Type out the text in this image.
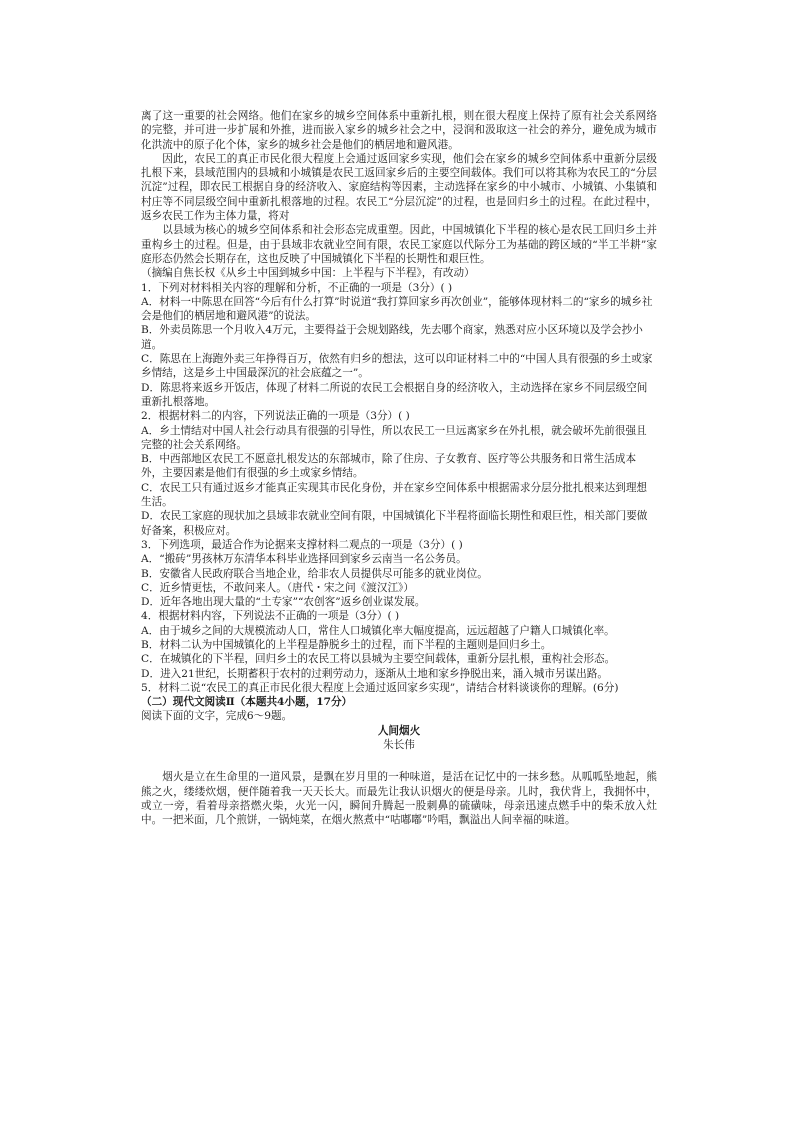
离了这一重要的社会网络。他们在家乡的城乡空间体系中重新扎根，则在很大程度上保持了原有社会关系网络的完整，并可进一步扩展和外推，进而嵌入家乡的城乡社会之中，浸润和汲取这一社会的养分，避免成为城市化洪流中的原子化个体，家乡的城乡社会是他们的栖居地和避风港。

因此，农民工的真正市民化很大程度上会通过返回家乡实现，他们会在家乡的城乡空间体系中重新分层级扎根下来，县域范围内的县城和小城镇是农民工返回家乡后的主要空间载体。我们可以将其称为农民工的“分层沉淀”过程，即农民工根据自身的经济收入、家庭结构等因素，主动选择在家乡的中小城市、小城镇、小集镇和村庄等不同层级空间中重新扎根落地的过程。农民工“分层沉淀”的过程，也是回归乡土的过程。在此过程中，返乡农民工作为主体力量，将对

以县域为核心的城乡空间体系和社会形态完成重塑。因此，中国城镇化下半程的核心是农民工回归乡土并重构乡土的过程。但是，由于县域非农就业空间有限，农民工家庭以代际分工为基础的跨区域的“半工半耕”家庭形态仍然会长期存在，这也反映了中国城镇化下半程的长期性和艰巨性。

（摘编自焦长权《从乡土中国到城乡中国：上半程与下半程》，有改动）

1．下列对材料相关内容的理解和分析，不正确的一项是（3分）( )

A．材料一中陈思在回答“今后有什么打算”时说道“我打算回家乡再次创业”，能够体现材料二的“家乡的城乡社会是他们的栖居地和避风港”的说法。

B．外卖员陈思一个月收入4万元，主要得益于会规划路线，先去哪个商家，熟悉对应小区环境以及学会抄小道。

C．陈思在上海跑外卖三年挣得百万，依然有归乡的想法，这可以印证材料二中的“中国人具有很强的乡土或家乡情结，这是乡土中国最深沉的社会底蕴之一”。

D．陈思将来返乡开饭店，体现了材料二所说的农民工会根据自身的经济收入，主动选择在家乡不同层级空间重新扎根落地。

2．根据材料二的内容，下列说法正确的一项是（3分）( )

A．乡土情结对中国人社会行动具有很强的引导性，所以农民工一旦远离家乡在外扎根，就会破坏先前很强且完整的社会关系网络。

B．中西部地区农民工不愿意扎根发达的东部城市，除了住房、子女教育、医疗等公共服务和日常生活成本外，主要因素是他们有很强的乡土或家乡情结。

C．农民工只有通过返乡才能真正实现其市民化身份，并在家乡空间体系中根据需求分层分批扎根来达到理想生活。

D．农民工家庭的现状加之县域非农就业空间有限，中国城镇化下半程将面临长期性和艰巨性，相关部门要做好备案，积极应对。

3．下列选项，最适合作为论据来支撑材料二观点的一项是（3分）( )

A．“搬砖”男孩林万东清华本科毕业选择回到家乡云南当一名公务员。

B．安徽省人民政府联合当地企业，给非农人员提供尽可能多的就业岗位。

C．近乡情更怯，不敢问来人。（唐代・宋之问《渡汉江》）

D．近年各地出现大量的“土专家”“农创客”返乡创业谋发展。

4．根据材料内容，下列说法不正确的一项是（3分）( )

A．由于城乡之间的大规模流动人口，常住人口城镇化率大幅度提高，远远超越了户籍人口城镇化率。

B．材料二认为中国城镇化的上半程是静脱乡土的过程，而下半程的主题则是回归乡土。

C．在城镇化的下半程，回归乡土的农民工将以县城为主要空间载体，重新分层扎根，重构社会形态。

D．进入21世纪，长期蓄积于农村的过剩劳动力，逐渐从土地和家乡挣脱出来，涌入城市另谋出路。

5．材料二说“农民工的真正市民化很大程度上会通过返回家乡实现”，请结合材料谈谈你的理解。(6分)

（二）现代文阅读Ⅱ（本题共4小题，17分）

阅读下面的文字，完成6～9题。

人间烟火

朱长伟

烟火是立在生命里的一道风景，是飘在岁月里的一种味道，是活在记忆中的一抹乡愁。从呱呱坠地起，熊熊之火，缕缕炊烟，便伴随着我一天天长大。而最先让我认识烟火的便是母亲。儿时，我伏背上，我拥怀中，或立一旁，看着母亲搭燃火柴，火光一闪，瞬间升腾起一股刺鼻的硫磺味，母亲迅速点燃手中的柴禾放入灶中。一把米面，几个煎饼，一锅炖菜，在烟火熬煮中“咕嘟嘟”吟唱，飘溢出人间幸福的味道。
